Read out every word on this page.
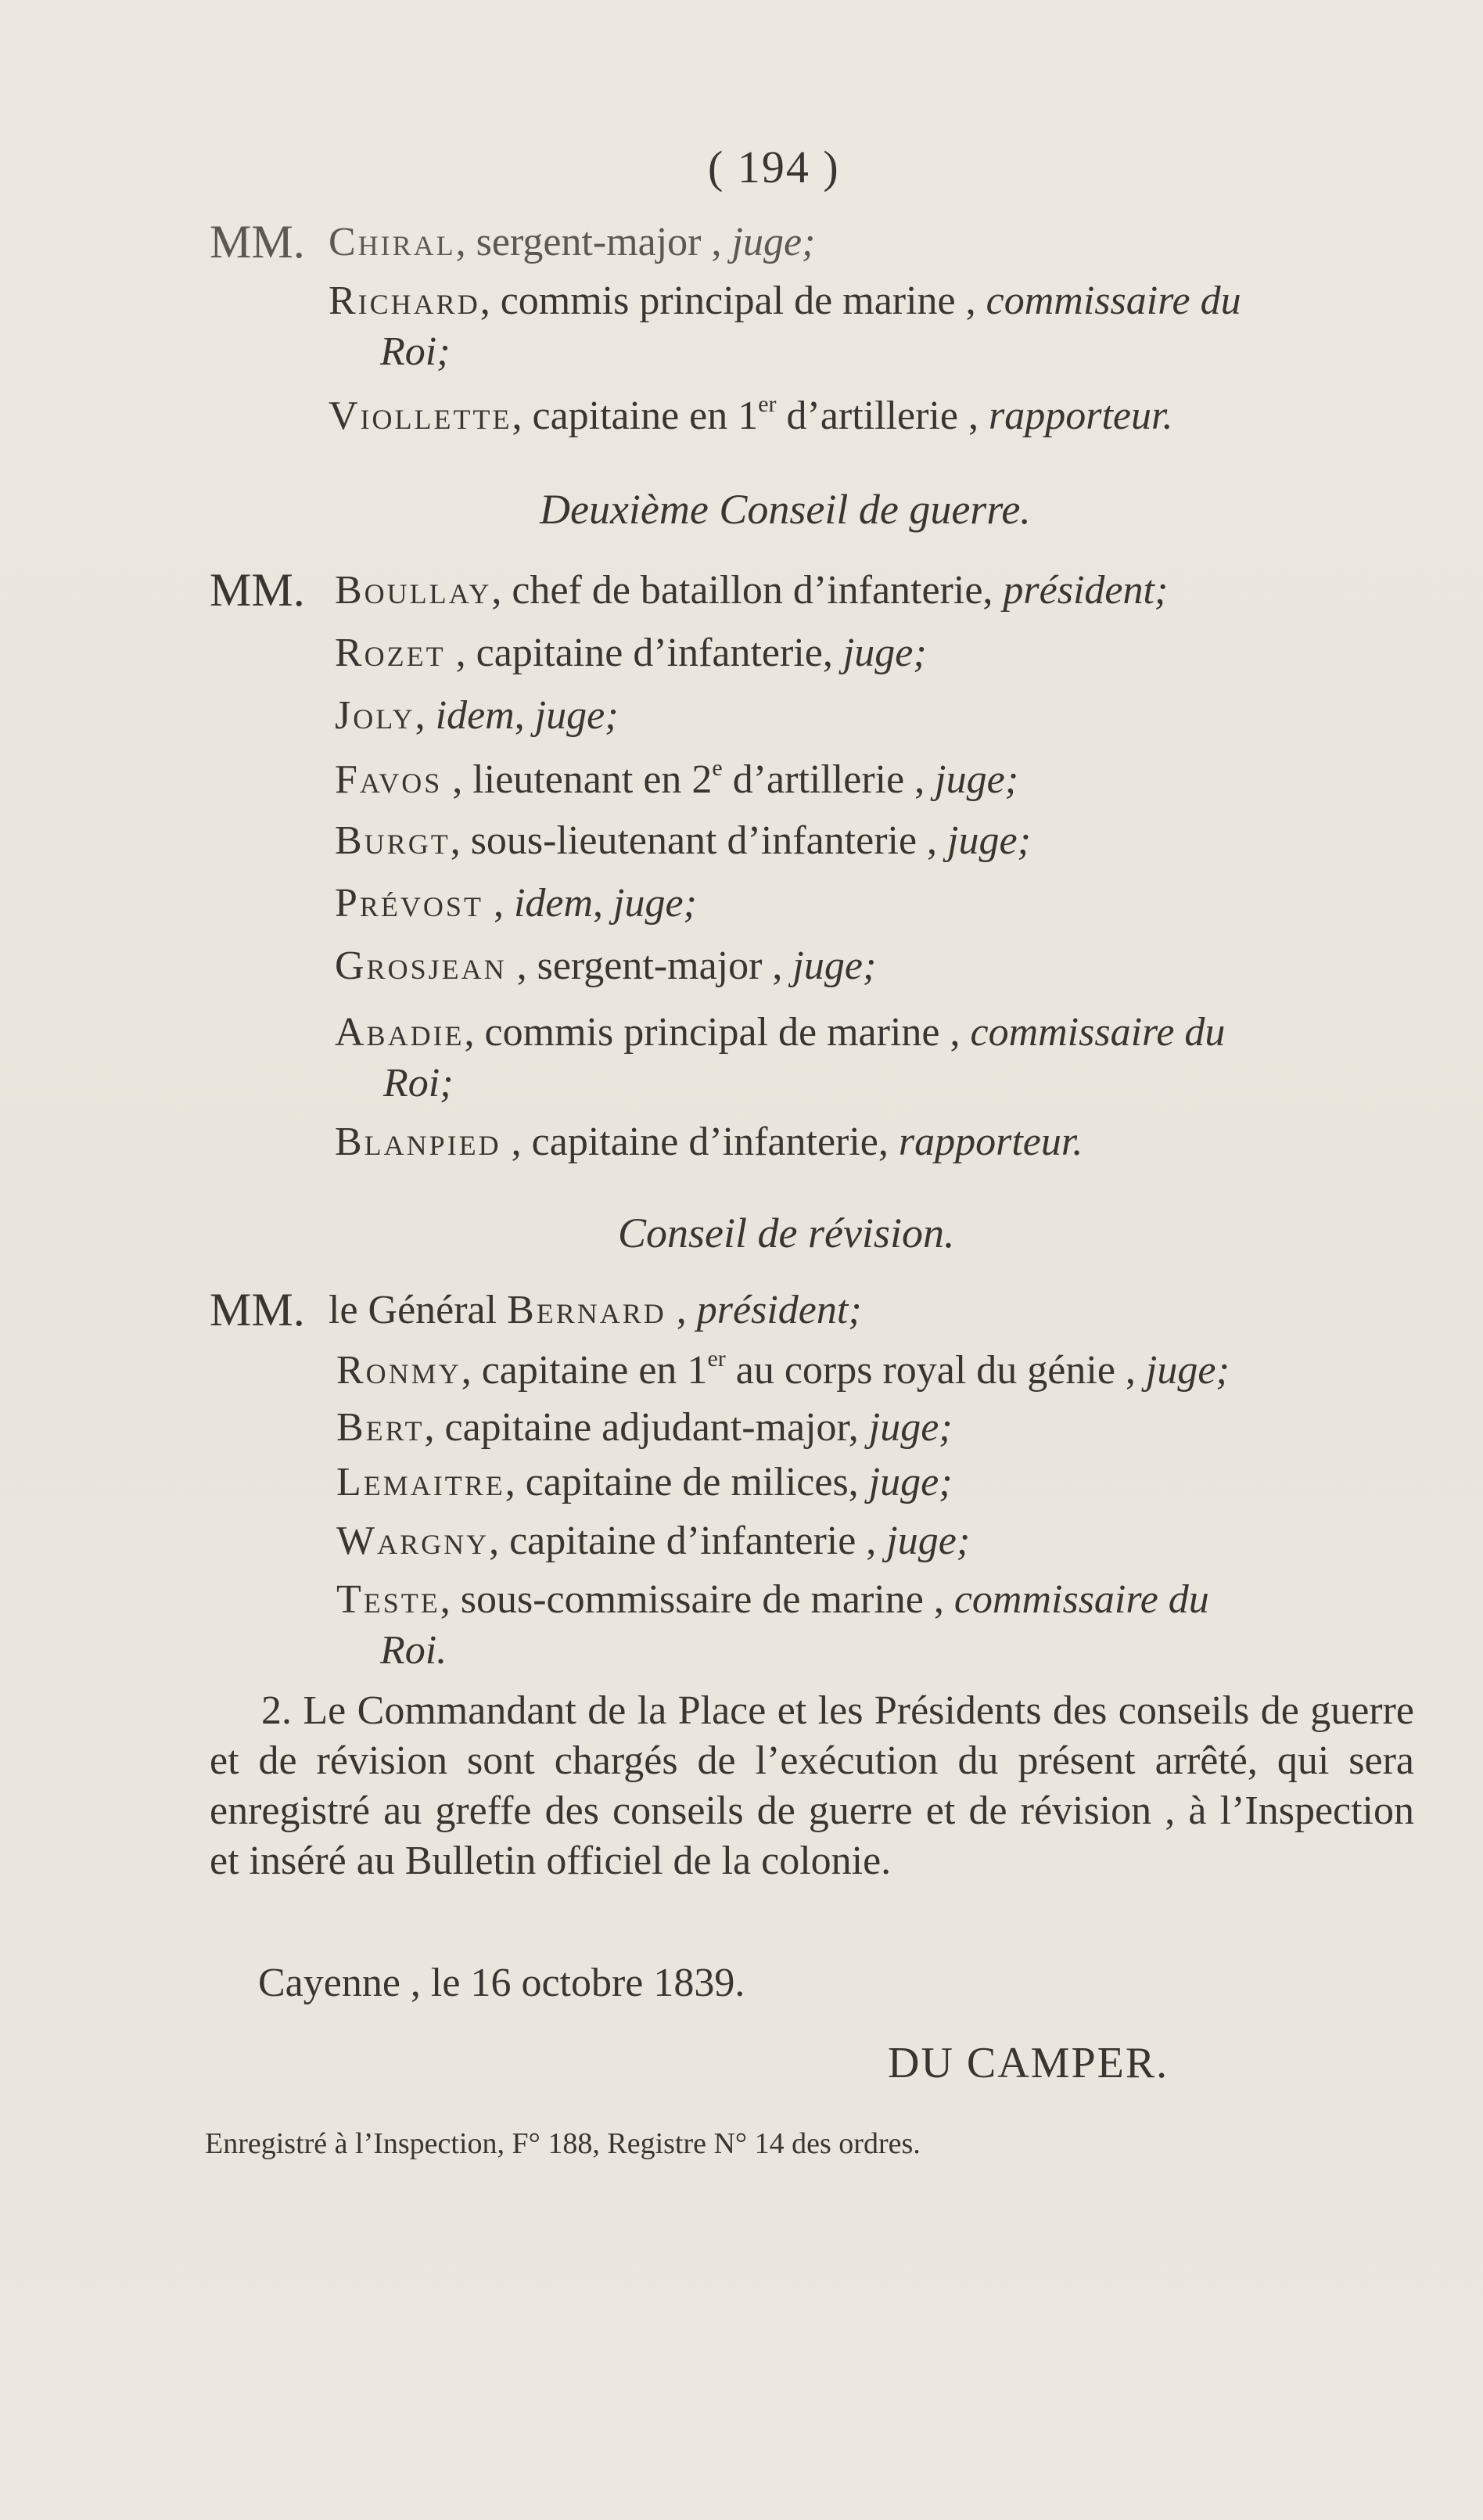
( 194 )
MM. Chiral, sergent-major , juge;
Richard, commis principal de marine , commissaire du
Roi;
Viollette, capitaine en 1er d’artillerie , rapporteur.
Deuxième Conseil de guerre.
MM. Boullay, chef de bataillon d’infanterie, président;
Rozet , capitaine d’infanterie, juge;
Joly, idem, juge;
Favos , lieutenant en 2e d’artillerie , juge;
Burgt, sous-lieutenant d’infanterie , juge;
Prévost , idem, juge;
Grosjean , sergent-major , juge;
Abadie, commis principal de marine , commissaire du
Roi;
Blanpied , capitaine d’infanterie, rapporteur.
Conseil de révision.
MM. le Général Bernard , président;
Ronmy, capitaine en 1er au corps royal du génie , juge;
Bert, capitaine adjudant-major, juge;
Lemaitre, capitaine de milices, juge;
Wargny, capitaine d’infanterie , juge;
Teste, sous-commissaire de marine , commissaire du
Roi.
2. Le Commandant de la Place et les Présidents des conseils de guerre et de révision sont chargés de l’exécution du présent arrêté, qui sera enregistré au greffe des conseils de guerre et de révision , à l’Inspection et inséré au Bulletin officiel de la colonie.
Cayenne , le 16 octobre 1839.
DU CAMPER.
Enregistré à l’Inspection, F° 188, Registre N° 14 des ordres.
